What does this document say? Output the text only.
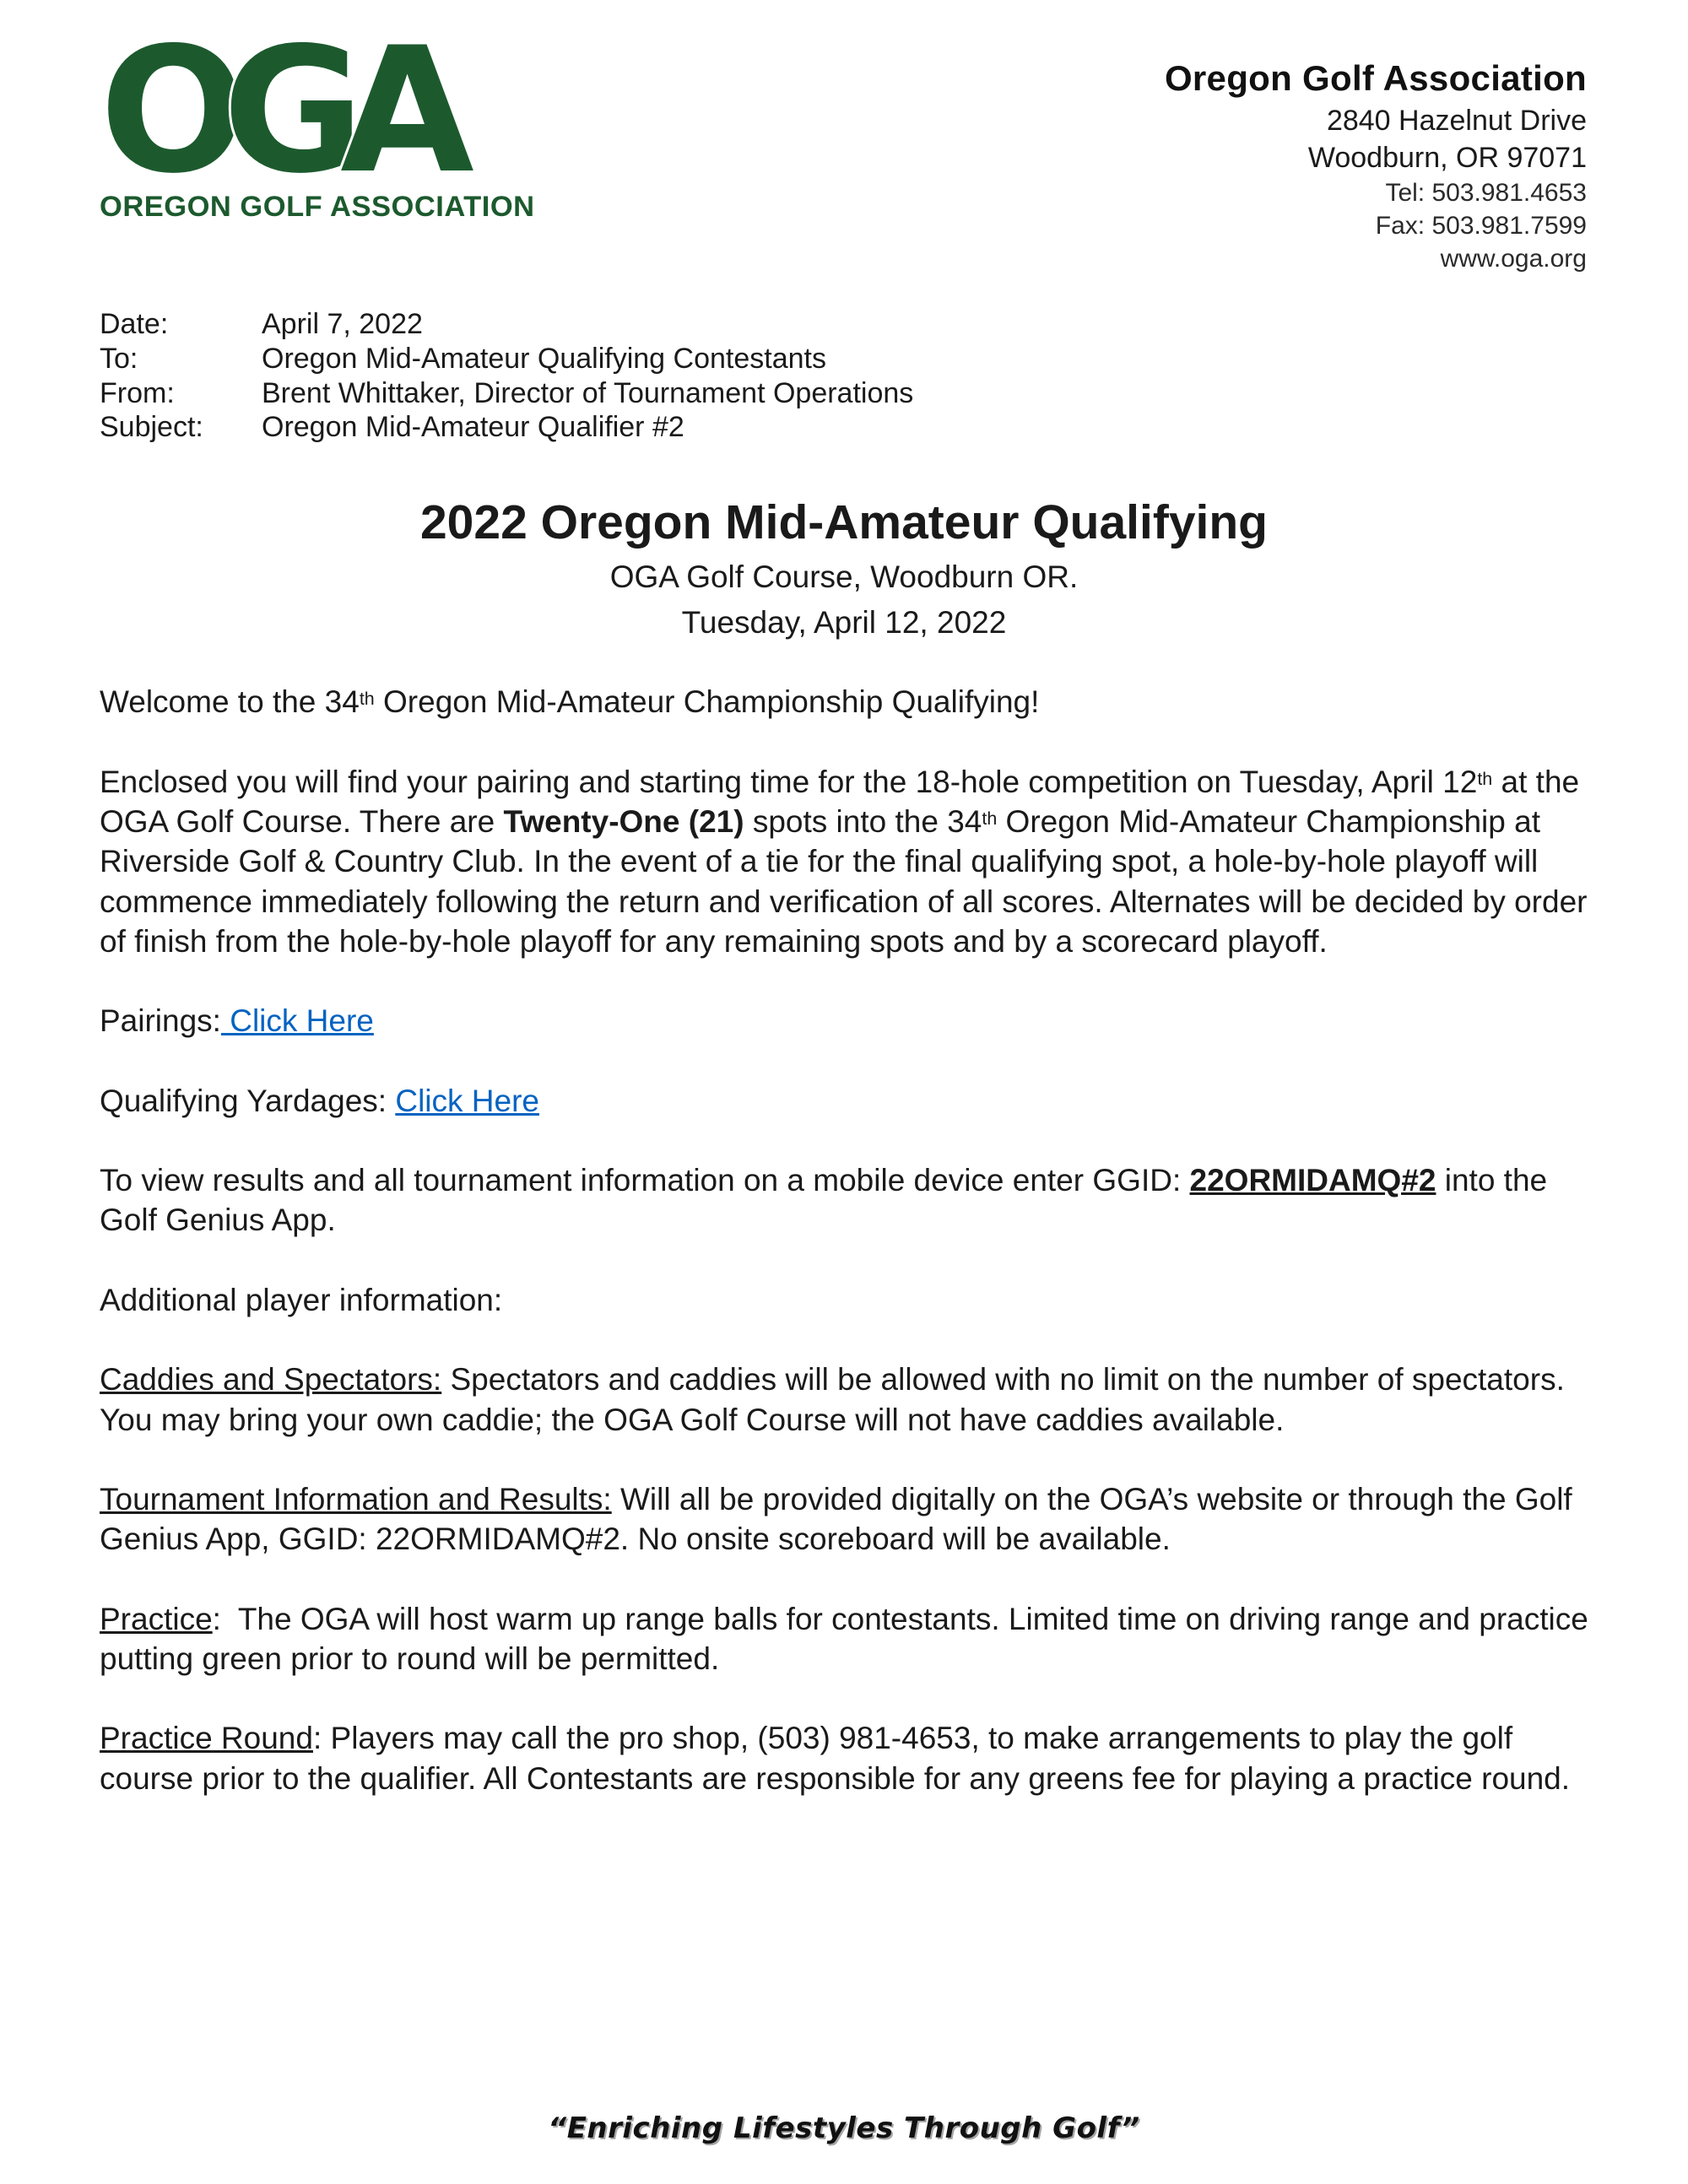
OGA
OREGON GOLF ASSOCIATION
Oregon Golf Association
2840 Hazelnut Drive
Woodburn, OR 97071
Tel: 503.981.4653
Fax: 503.981.7599
www.oga.org
Date:	April 7, 2022
To:	Oregon Mid-Amateur Qualifying Contestants
From:	Brent Whittaker, Director of Tournament Operations
Subject:	Oregon Mid-Amateur Qualifier #2
2022 Oregon Mid-Amateur Qualifying
OGA Golf Course, Woodburn OR.
Tuesday, April 12, 2022

Welcome to the 34th Oregon Mid-Amateur Championship Qualifying!

Enclosed you will find your pairing and starting time for the 18-hole competition on Tuesday, April 12th at the OGA Golf Course. There are Twenty-One (21) spots into the 34th Oregon Mid-Amateur Championship at Riverside Golf & Country Club. In the event of a tie for the final qualifying spot, a hole-by-hole playoff will commence immediately following the return and verification of all scores. Alternates will be decided by order of finish from the hole-by-hole playoff for any remaining spots and by a scorecard playoff.

Pairings: Click Here

Qualifying Yardages: Click Here

To view results and all tournament information on a mobile device enter GGID: 22ORMIDAMQ#2 into the Golf Genius App.

Additional player information:

Caddies and Spectators: Spectators and caddies will be allowed with no limit on the number of spectators. You may bring your own caddie; the OGA Golf Course will not have caddies available.

Tournament Information and Results: Will all be provided digitally on the OGA’s website or through the Golf Genius App, GGID: 22ORMIDAMQ#2. No onsite scoreboard will be available.

Practice:  The OGA will host warm up range balls for contestants. Limited time on driving range and practice putting green prior to round will be permitted.

Practice Round: Players may call the pro shop, (503) 981-4653, to make arrangements to play the golf course prior to the qualifier. All Contestants are responsible for any greens fee for playing a practice round.

“Enriching Lifestyles Through Golf”
